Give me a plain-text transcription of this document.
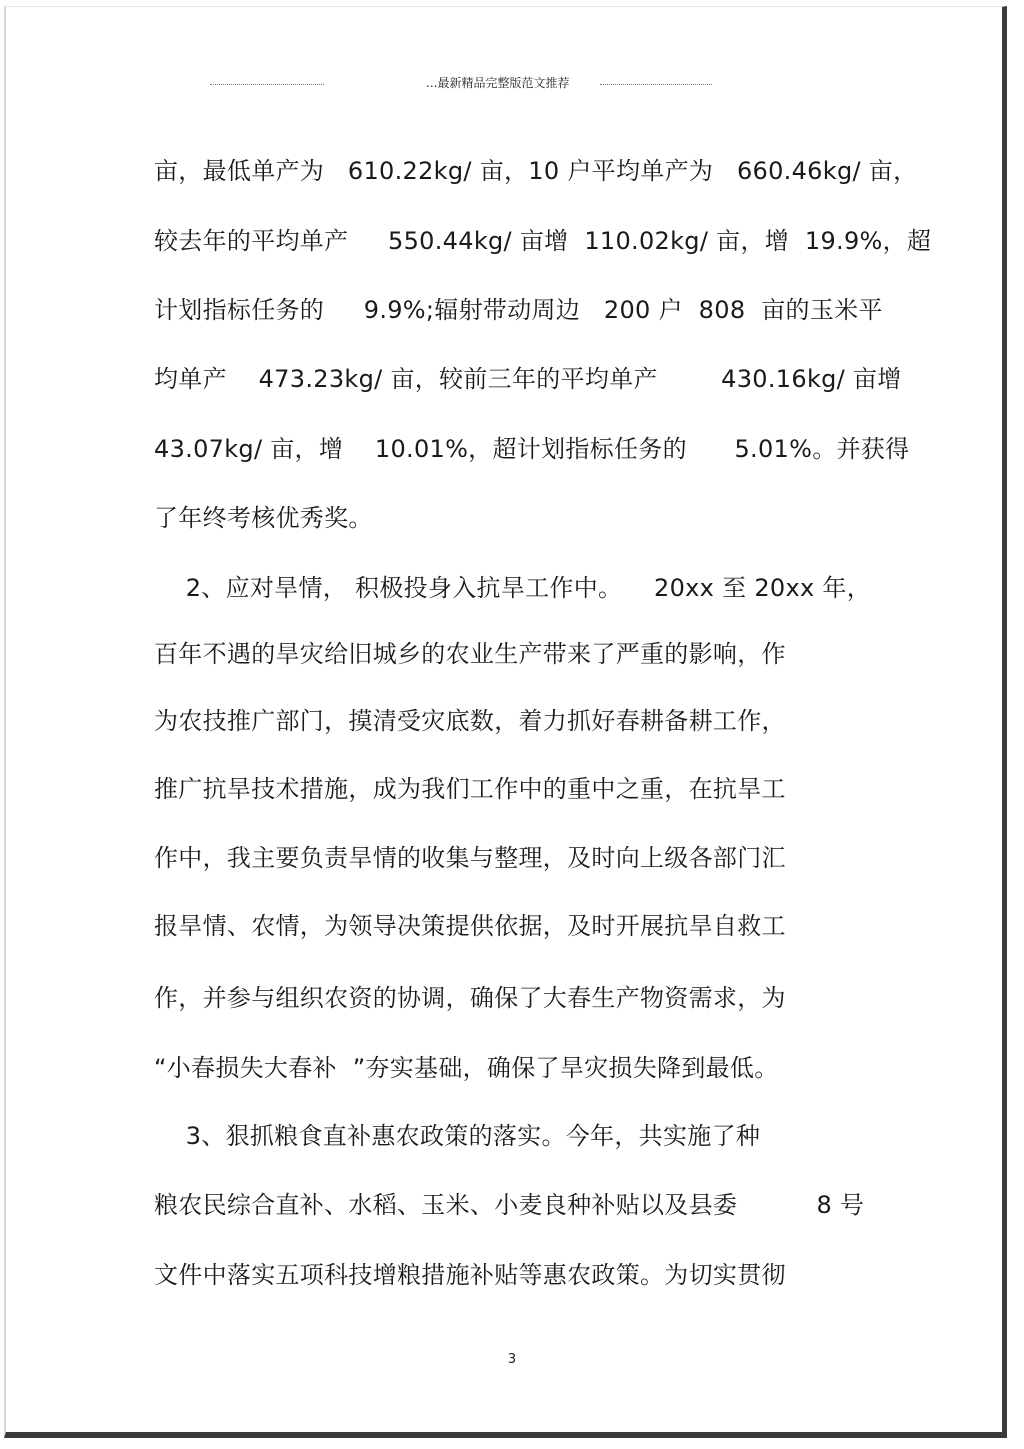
...最新精品完整版范文推荐
亩，最低单产为   610.22kg/ 亩，10 户平均单产为   660.46kg/ 亩，
较去年的平均单产     550.44kg/ 亩增  110.02kg/ 亩，增  19.9%，超
计划指标任务的     9.9%;辐射带动周边   200 户  808  亩的玉米平
均单产    473.23kg/ 亩，较前三年的平均单产        430.16kg/ 亩增
43.07kg/ 亩，增    10.01%，超计划指标任务的      5.01%。并获得
了年终考核优秀奖。
2、应对旱情， 积极投身入抗旱工作中。    20xx 至 20xx 年，
百年不遇的旱灾给旧城乡的农业生产带来了严重的影响，作
为农技推广部门，摸清受灾底数，着力抓好春耕备耕工作，
推广抗旱技术措施，成为我们工作中的重中之重，在抗旱工
作中，我主要负责旱情的收集与整理，及时向上级各部门汇
报旱情、农情，为领导决策提供依据，及时开展抗旱自救工
作，并参与组织农资的协调，确保了大春生产物资需求，为
“小春损失大春补  ”夯实基础，确保了旱灾损失降到最低。
3、狠抓粮食直补惠农政策的落实。今年，共实施了种
粮农民综合直补、水稻、玉米、小麦良种补贴以及县委          8 号
文件中落实五项科技增粮措施补贴等惠农政策。为切实贯彻
3
